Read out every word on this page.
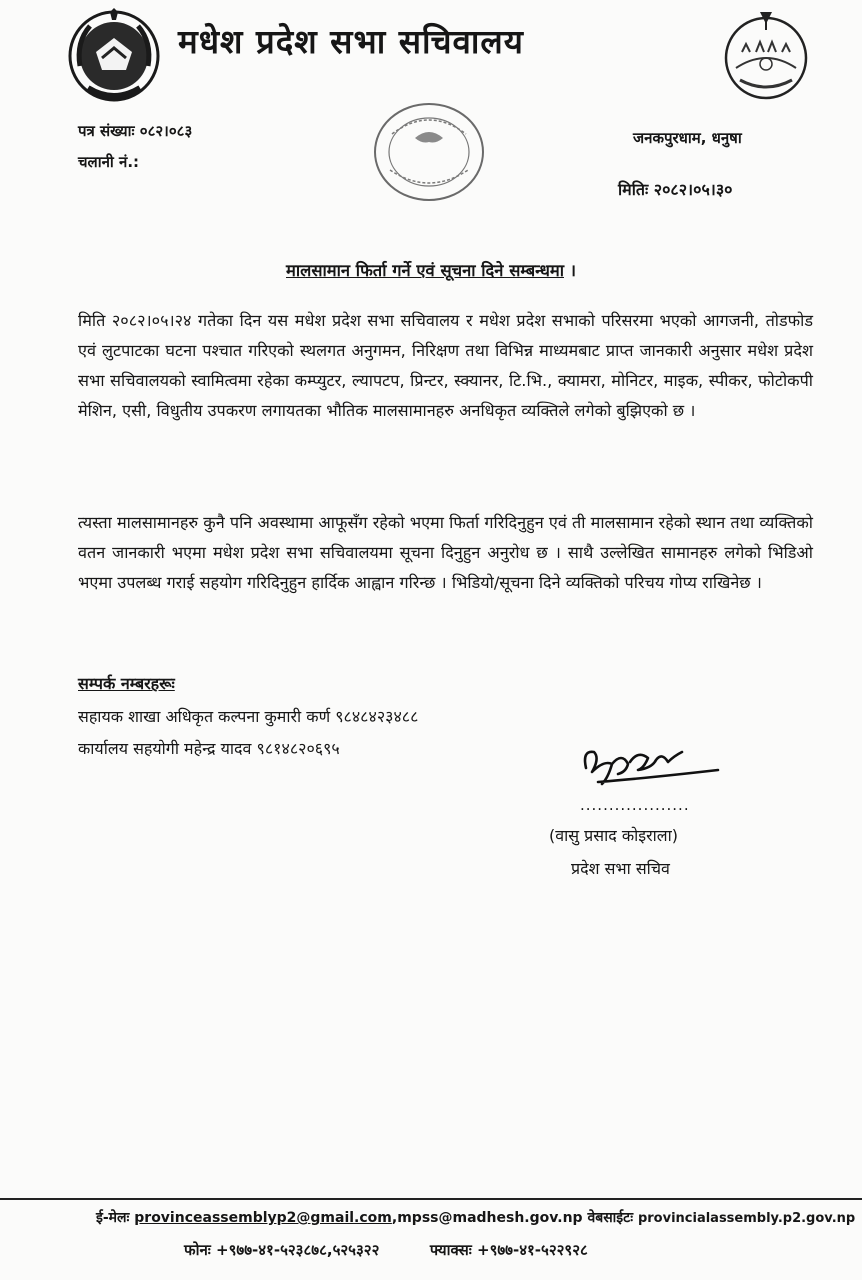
मधेश प्रदेश सभा सचिवालय
पत्र संख्याः ०८२।०८३
चलानी नं.:
जनकपुरधाम, धनुषा
मितिः २०८२।०५।३०
मालसामान फिर्ता गर्ने एवं सूचना दिने सम्बन्धमा ।
मिति २०८२।०५।२४ गतेका दिन यस मधेश प्रदेश सभा सचिवालय र मधेश प्रदेश सभाको परिसरमा भएको आगजनी, तोडफोड एवं लुटपाटका घटना पश्चात गरिएको स्थलगत अनुगमन, निरिक्षण तथा विभिन्न माध्यमबाट प्राप्त जानकारी अनुसार मधेश प्रदेश सभा सचिवालयको स्वामित्वमा रहेका कम्प्युटर, ल्यापटप, प्रिन्टर, स्क्यानर, टि.भि., क्यामरा, मोनिटर, माइक, स्पीकर, फोटोकपी मेशिन, एसी, विधुतीय उपकरण लगायतका भौतिक मालसामानहरु अनधिकृत व्यक्तिले लगेको बुझिएको छ ।
त्यस्ता मालसामानहरु कुनै पनि अवस्थामा आफूसँग रहेको भएमा फिर्ता गरिदिनुहुन एवं ती मालसामान रहेको स्थान तथा व्यक्तिको वतन जानकारी भएमा मधेश प्रदेश सभा सचिवालयमा सूचना दिनुहुन अनुरोध छ । साथै उल्लेखित सामानहरु लगेको भिडिओ भएमा उपलब्ध गराई सहयोग गरिदिनुहुन हार्दिक आह्वान गरिन्छ । भिडियो/सूचना दिने व्यक्तिको परिचय गोप्य राखिनेछ ।
सम्पर्क नम्बरहरूः
सहायक शाखा अधिकृत कल्पना कुमारी कर्ण ९८४८४२३४८८
कार्यालय सहयोगी महेन्द्र यादव ९८१४८२०६९५
...................
(वासु प्रसाद कोइराला)
प्रदेश सभा सचिव
ई-मेलः provinceassemblyp2@gmail.com,mpss@madhesh.gov.np वेबसाईटः provincialassembly.p2.gov.np
फोनः +९७७-४१-५२३८७८,५२५३२२	फ्याक्सः +९७७-४१-५२२९२८
